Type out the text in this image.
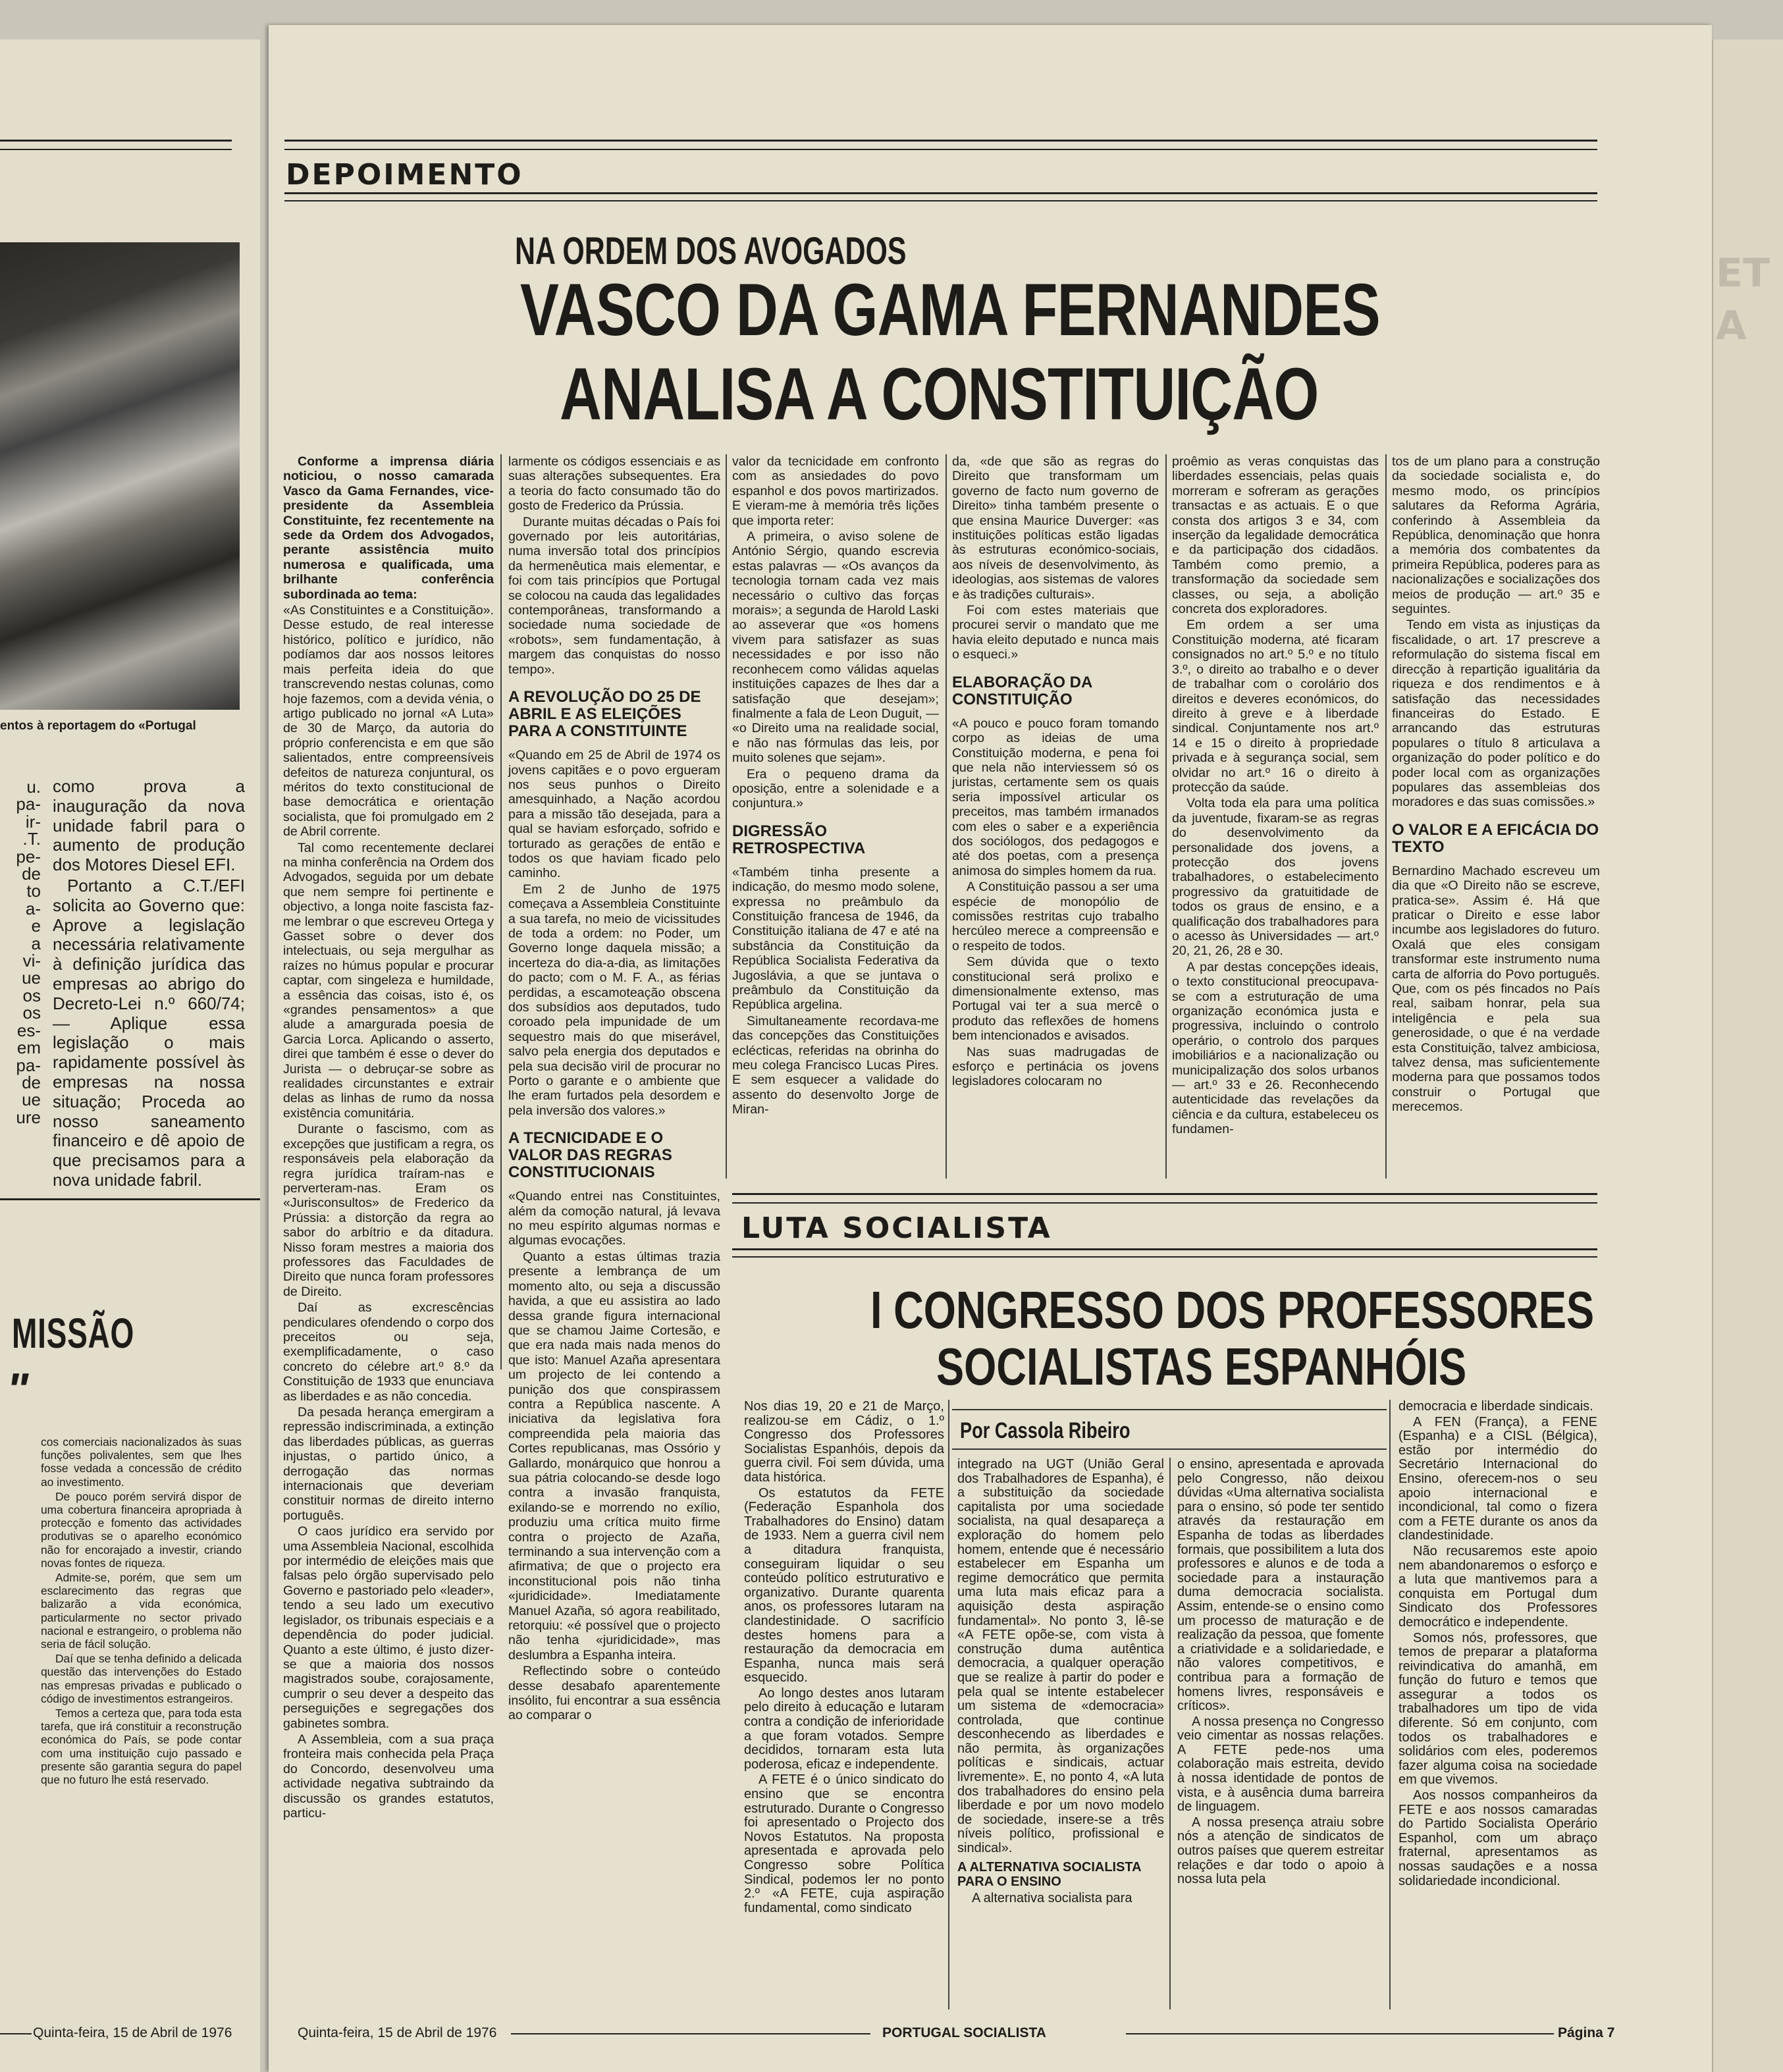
ET
A
entos à reportagem do «Portugal
u.
pa-
ir-
.T.
pe-
de
to
a-
e
a
vi-
ue
os
os
es-
em
pa-
de
ue
ure

como prova a inauguração da nova unidade fabril para o aumento de produção dos Motores Diesel EFI.

Portanto a C.T./EFI solicita ao Governo que: Aprove a legislação necessária relativamente à definição jurídica das empresas ao abrigo do Decreto-Lei n.º 660/74; — Aplique essa legislação o mais rapidamente possível às empresas na nossa situação; Proceda ao nosso saneamento financeiro e dê apoio de que precisamos para a nova unidade fabril.

MISSÃO
"

cos comerciais nacionalizados às suas funções polivalentes, sem que lhes fosse vedada a concessão de crédito ao investimento.

De pouco porém servirá dispor de uma cobertura financeira apropriada à protecção e fomento das actividades produtivas se o aparelho económico não for encorajado a investir, criando novas fontes de riqueza.

Admite-se, porém, que sem um esclarecimento das regras que balizarão a vida económica, particularmente no sector privado nacional e estrangeiro, o problema não seria de fácil solução.

Daí que se tenha definido a delicada questão das intervenções do Estado nas empresas privadas e publicado o código de investimentos estrangeiros.

Temos a certeza que, para toda esta tarefa, que irá constituir a reconstrução económica do País, se pode contar com uma instituição cujo passado e presente são garantia segura do papel que no futuro lhe está reservado.

Quinta-feira, 15 de Abril de 1976
DEPOIMENTO
NA ORDEM DOS AVOGADOS
VASCO DA GAMA FERNANDES
ANALISA A CONSTITUIÇÃO

Conforme a imprensa diária noticiou, o nosso camarada Vasco da Gama Fernandes, vice-presidente da Assembleia Constituinte, fez recentemente na sede da Ordem dos Advogados, perante assistência muito numerosa e qualificada, uma brilhante conferência subordinada ao tema:

«As Constituintes e a Constituição». Desse estudo, de real interesse histórico, político e jurídico, não podíamos dar aos nossos leitores mais perfeita ideia do que transcrevendo nestas colunas, como hoje fazemos, com a devida vénia, o artigo publicado no jornal «A Luta» de 30 de Março, da autoria do próprio conferencista e em que são salientados, entre compreensíveis defeitos de natureza conjuntural, os méritos do texto constitucional de base democrática e orientação socialista, que foi promulgado em 2 de Abril corrente.

Tal como recentemente declarei na minha conferência na Ordem dos Advogados, seguida por um debate que nem sempre foi pertinente e objectivo, a longa noite fascista faz-me lembrar o que escreveu Ortega y Gasset sobre o dever dos intelectuais, ou seja mergulhar as raízes no húmus popular e procurar captar, com singeleza e humildade, a essência das coisas, isto é, os «grandes pensamentos» a que alude a amargurada poesia de Garcia Lorca. Aplicando o asserto, direi que também é esse o dever do Jurista — o debruçar-se sobre as realidades circunstantes e extrair delas as linhas de rumo da nossa existência comunitária.

Durante o fascismo, com as excepções que justificam a regra, os responsáveis pela elaboração da regra jurídica traíram-nas e perverteram-nas. Eram os «Jurisconsultos» de Frederico da Prússia: a distorção da regra ao sabor do arbítrio e da ditadura. Nisso foram mestres a maioria dos professores das Faculdades de Direito que nunca foram professores de Direito.

Daí as excrescências pendiculares ofendendo o corpo dos preceitos ou seja, exemplificadamente, o caso concreto do célebre art.º 8.º da Constituição de 1933 que enunciava as liberdades e as não concedia.

Da pesada herança emergiram a repressão indiscriminada, a extinção das liberdades públicas, as guerras injustas, o partido único, a derrogação das normas internacionais que deveriam constituir normas de direito interno português.

O caos jurídico era servido por uma Assembleia Nacional, escolhida por intermédio de eleições mais que falsas pelo órgão supervisado pelo Governo e pastoriado pelo «leader», tendo a seu lado um executivo legislador, os tribunais especiais e a dependência do poder judicial. Quanto a este último, é justo dizer-se que a maioria dos nossos magistrados soube, corajosamente, cumprir o seu dever a despeito das perseguições e segregações dos gabinetes sombra.

A Assembleia, com a sua praça fronteira mais conhecida pela Praça do Concordo, desenvolveu uma actividade negativa subtraindo da discussão os grandes estatutos, particu-

larmente os códigos essenciais e as suas alterações subsequentes. Era a teoria do facto consumado tão do gosto de Frederico da Prússia.

Durante muitas décadas o País foi governado por leis autoritárias, numa inversão total dos princípios da hermenêutica mais elementar, e foi com tais princípios que Portugal se colocou na cauda das legalidades contemporâneas, transformando a sociedade numa sociedade de «robots», sem fundamentação, à margem das conquistas do nosso tempo».

A REVOLUÇÃO DO 25 DE ABRIL E AS ELEIÇÕES PARA A CONSTITUINTE

«Quando em 25 de Abril de 1974 os jovens capitães e o povo ergueram nos seus punhos o Direito amesquinhado, a Nação acordou para a missão tão desejada, para a qual se haviam esforçado, sofrido e torturado as gerações de então e todos os que haviam ficado pelo caminho.

Em 2 de Junho de 1975 começava a Assembleia Constituinte a sua tarefa, no meio de vicissitudes de toda a ordem: no Poder, um Governo longe daquela missão; a incerteza do dia-a-dia, as limitações do pacto; com o M. F. A., as férias perdidas, a escamoteação obscena dos subsídios aos deputados, tudo coroado pela impunidade de um sequestro mais do que miserável, salvo pela energia dos deputados e pela sua decisão viril de procurar no Porto o garante e o ambiente que lhe eram furtados pela desordem e pela inversão dos valores.»

A TECNICIDADE E O VALOR DAS REGRAS CONSTITUCIONAIS

«Quando entrei nas Constituintes, além da comoção natural, já levava no meu espírito algumas normas e algumas evocações.

Quanto a estas últimas trazia presente a lembrança de um momento alto, ou seja a discussão havida, a que eu assistira ao lado dessa grande figura internacional que se chamou Jaime Cortesão, e que era nada mais nada menos do que isto: Manuel Azaña apresentara um projecto de lei contendo a punição dos que conspirassem contra a República nascente. A iniciativa da legislativa fora compreendida pela maioria das Cortes republicanas, mas Ossório y Gallardo, monárquico que honrou a sua pátria colocando-se desde logo contra a invasão franquista, exilando-se e morrendo no exílio, produziu uma crítica muito firme contra o projecto de Azaña, terminando a sua intervenção com a afirmativa; de que o projecto era inconstitucional pois não tinha «juridicidade». Imediatamente Manuel Azaña, só agora reabilitado, retorquiu: «é possível que o projecto não tenha «juridicidade», mas deslumbra a Espanha inteira.

Reflectindo sobre o conteúdo desse desabafo aparentemente insólito, fui encontrar a sua essência ao comparar o

valor da tecnicidade em confronto com as ansiedades do povo espanhol e dos povos martirizados. E vieram-me à memória três lições que importa reter:

A primeira, o aviso solene de António Sérgio, quando escrevia estas palavras — «Os avanços da tecnologia tornam cada vez mais necessário o cultivo das forças morais»; a segunda de Harold Laski ao asseverar que «os homens vivem para satisfazer as suas necessidades e por isso não reconhecem como válidas aquelas instituições capazes de lhes dar a satisfação que desejam»; finalmente a fala de Leon Duguit, — «o Direito uma na realidade social, e não nas fórmulas das leis, por muito solenes que sejam».

Era o pequeno drama da oposição, entre a solenidade e a conjuntura.»

DIGRESSÃO RETROSPECTIVA

«Também tinha presente a indicação, do mesmo modo solene, expressa no preâmbulo da Constituição francesa de 1946, da Constituição italiana de 47 e até na substância da Constituição da República Socialista Federativa da Jugoslávia, a que se juntava o preâmbulo da Constituição da República argelina.

Simultaneamente recordava-me das concepções das Constituições eclécticas, referidas na obrinha do meu colega Francisco Lucas Pires. E sem esquecer a validade do assento do desenvolto Jorge de Miran-

da, «de que são as regras do Direito que transformam um governo de facto num governo de Direito» tinha também presente o que ensina Maurice Duverger: «as instituições políticas estão ligadas às estruturas económico-sociais, aos níveis de desenvolvimento, às ideologias, aos sistemas de valores e às tradições culturais».

Foi com estes materiais que procurei servir o mandato que me havia eleito deputado e nunca mais o esqueci.»

ELABORAÇÃO DA CONSTITUIÇÃO

«A pouco e pouco foram tomando corpo as ideias de uma Constituição moderna, e pena foi que nela não interviessem só os juristas, certamente sem os quais seria impossível articular os preceitos, mas também irmanados com eles o saber e a experiência dos sociólogos, dos pedagogos e até dos poetas, com a presença animosa do simples homem da rua.

A Constituição passou a ser uma espécie de monopólio de comissões restritas cujo trabalho hercúleo merece a compreensão e o respeito de todos.

Sem dúvida que o texto constitucional será prolixo e dimensionalmente extenso, mas Portugal vai ter a sua mercê o produto das reflexões de homens bem intencionados e avisados.

Nas suas madrugadas de esforço e pertinácia os jovens legisladores colocaram no

proêmio as veras conquistas das liberdades essenciais, pelas quais morreram e sofreram as gerações transactas e as actuais. E o que consta dos artigos 3 e 34, com inserção da legalidade democrática e da participação dos cidadãos. Também como premio, a transformação da sociedade sem classes, ou seja, a abolição concreta dos exploradores.

Em ordem a ser uma Constituição moderna, até ficaram consignados no art.º 5.º e no título 3.º, o direito ao trabalho e o dever de trabalhar com o corolário dos direitos e deveres económicos, do direito à greve e à liberdade sindical. Conjuntamente nos art.º 14 e 15 o direito à propriedade privada e à segurança social, sem olvidar no art.º 16 o direito à protecção da saúde.

Volta toda ela para uma política da juventude, fixaram-se as regras do desenvolvimento da personalidade dos jovens, a protecção dos jovens trabalhadores, o estabelecimento progressivo da gratuitidade de todos os graus de ensino, e a qualificação dos trabalhadores para o acesso às Universidades — art.º 20, 21, 26, 28 e 30.

A par destas concepções ideais, o texto constitucional preocupava-se com a estruturação de uma organização económica justa e progressiva, incluindo o controlo operário, o controlo dos parques imobiliários e a nacionalização ou municipalização dos solos urbanos — art.º 33 e 26. Reconhecendo autenticidade das revelações da ciência e da cultura, estabeleceu os fundamen-

tos de um plano para a construção da sociedade socialista e, do mesmo modo, os princípios salutares da Reforma Agrária, conferindo à Assembleia da República, denominação que honra a memória dos combatentes da primeira República, poderes para as nacionalizações e socializações dos meios de produção — art.º 35 e seguintes.

Tendo em vista as injustiças da fiscalidade, o art. 17 prescreve a reformulação do sistema fiscal em direcção à repartição igualitária da riqueza e dos rendimentos e à satisfação das necessidades financeiras do Estado. E arrancando das estruturas populares o título 8 articulava a organização do poder político e do poder local com as organizações populares das assembleias dos moradores e das suas comissões.»

O VALOR E A EFICÁCIA DO TEXTO

Bernardino Machado escreveu um dia que «O Direito não se escreve, pratica-se». Assim é. Há que praticar o Direito e esse labor incumbe aos legisladores do futuro. Oxalá que eles consigam transformar este instrumento numa carta de alforria do Povo português. Que, com os pés fincados no País real, saibam honrar, pela sua inteligência e pela sua generosidade, o que é na verdade esta Constituição, talvez ambiciosa, talvez densa, mas suficientemente moderna para que possamos todos construir o Portugal que merecemos.

LUTA SOCIALISTA
I CONGRESSO DOS PROFESSORES
SOCIALISTAS ESPANHÓIS
Por Cassola Ribeiro

Nos dias 19, 20 e 21 de Março, realizou-se em Cádiz, o 1.º Congresso dos Professores Socialistas Espanhóis, depois da guerra civil. Foi sem dúvida, uma data histórica.

Os estatutos da FETE (Federação Espanhola dos Trabalhadores do Ensino) datam de 1933. Nem a guerra civil nem a ditadura franquista, conseguiram liquidar o seu conteúdo político estruturativo e organizativo. Durante quarenta anos, os professores lutaram na clandestinidade. O sacrifício destes homens para a restauração da democracia em Espanha, nunca mais será esquecido.

Ao longo destes anos lutaram pelo direito à educação e lutaram contra a condição de inferioridade a que foram votados. Sempre decididos, tornaram esta luta poderosa, eficaz e independente.

A FETE é o único sindicato do ensino que se encontra estruturado. Durante o Congresso foi apresentado o Projecto dos Novos Estatutos. Na proposta apresentada e aprovada pelo Congresso sobre Política Sindical, podemos ler no ponto 2.º «A FETE, cuja aspiração fundamental, como sindicato

integrado na UGT (União Geral dos Trabalhadores de Espanha), é a substituição da sociedade capitalista por uma sociedade socialista, na qual desapareça a exploração do homem pelo homem, entende que é necessário estabelecer em Espanha um regime democrático que permita uma luta mais eficaz para a aquisição desta aspiração fundamental». No ponto 3, lê-se «A FETE opõe-se, com vista à construção duma autêntica democracia, a qualquer operação que se realize à partir do poder e pela qual se intente estabelecer um sistema de «democracia» controlada, que continue desconhecendo as liberdades e não permita, às organizações políticas e sindicais, actuar livremente». E, no ponto 4, «A luta dos trabalhadores do ensino pela liberdade e por um novo modelo de sociedade, insere-se a três níveis político, profissional e sindical».

A ALTERNATIVA SOCIALISTA PARA O ENSINO

A alternativa socialista para

o ensino, apresentada e aprovada pelo Congresso, não deixou dúvidas «Uma alternativa socialista para o ensino, só pode ter sentido através da restauração em Espanha de todas as liberdades formais, que possibilitem a luta dos professores e alunos e de toda a sociedade para a instauração duma democracia socialista. Assim, entende-se o ensino como um processo de maturação e de realização da pessoa, que fomente a criatividade e a solidariedade, e não valores competitivos, e contribua para a formação de homens livres, responsáveis e críticos».

A nossa presença no Congresso veio cimentar as nossas relações. A FETE pede-nos uma colaboração mais estreita, devido à nossa identidade de pontos de vista, e à ausência duma barreira de linguagem.

A nossa presença atraiu sobre nós a atenção de sindicatos de outros países que querem estreitar relações e dar todo o apoio à nossa luta pela

democracia e liberdade sindicais.

A FEN (França), a FENE (Espanha) e a CISL (Bélgica), estão por intermédio do Secretário Internacional do Ensino, oferecem-nos o seu apoio internacional e incondicional, tal como o fizera com a FETE durante os anos da clandestinidade.

Não recusaremos este apoio nem abandonaremos o esforço e a luta que mantivemos para a conquista em Portugal dum Sindicato dos Professores democrático e independente.

Somos nós, professores, que temos de preparar a plataforma reivindicativa do amanhã, em função do futuro e temos que assegurar a todos os trabalhadores um tipo de vida diferente. Só em conjunto, com todos os trabalhadores e solidários com eles, poderemos fazer alguma coisa na sociedade em que vivemos.

Aos nossos companheiros da FETE e aos nossos camaradas do Partido Socialista Operário Espanhol, com um abraço fraternal, apresentamos as nossas saudações e a nossa solidariedade incondicional.

Quinta-feira, 15 de Abril de 1976	PORTUGAL SOCIALISTA	Página 7
